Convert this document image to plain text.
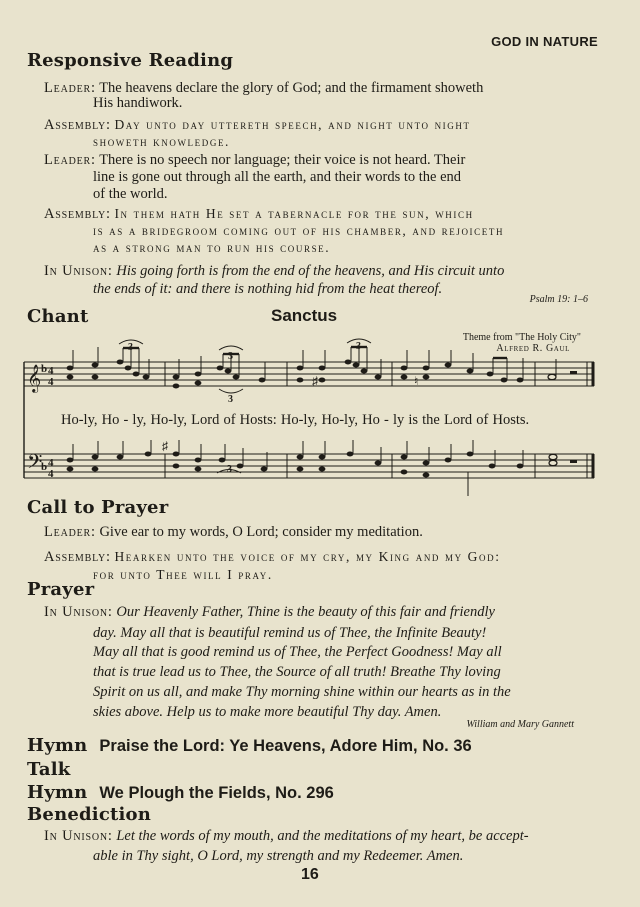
GOD IN NATURE
Responsive Reading
Leader: The heavens declare the glory of God; and the firmament showeth
His handiwork.
Assembly: Day unto day uttereth speech, and night unto night
showeth knowledge.
Leader: There is no speech nor language; their voice is not heard. Their
line is gone out through all the earth, and their words to the end
of the world.
Assembly: In them hath He set a tabernacle for the sun, which
is as a bridegroom coming out of his chamber, and rejoiceth
as a strong man to run his course.
In Unison: His going forth is from the end of the heavens, and His circuit unto
the ends of it: and there is nothing hid from the heat thereof.
Psalm 19: 1–6
Chant	Sanctus
Theme from "The Holy City"
Alfred R. Gaul
𝄞
𝄢
b 4
4
b 4
4
3
3
3
3
3
♯	♮
♯
Ho-ly, Ho - ly, Ho-ly, Lord of Hosts: Ho-ly, Ho-ly, Ho - ly is the Lord of Hosts.
Call to Prayer
Leader: Give ear to my words, O Lord; consider my meditation.
Assembly: Hearken unto the voice of my cry, my King and my God:
for unto Thee will I pray.
Prayer
In Unison: Our Heavenly Father, Thine is the beauty of this fair and friendly
day. May all that is beautiful remind us of Thee, the Infinite Beauty!
May all that is good remind us of Thee, the Perfect Goodness! May all
that is true lead us to Thee, the Source of all truth! Breathe Thy loving
Spirit on us all, and make Thy morning shine within our hearts as in the
skies above. Help us to make more beautiful Thy day. Amen.
William and Mary Gannett
Hymn Praise the Lord: Ye Heavens, Adore Him, No. 36
Talk
Hymn We Plough the Fields, No. 296
Benediction
In Unison: Let the words of my mouth, and the meditations of my heart, be accept-
able in Thy sight, O Lord, my strength and my Redeemer. Amen.
16
